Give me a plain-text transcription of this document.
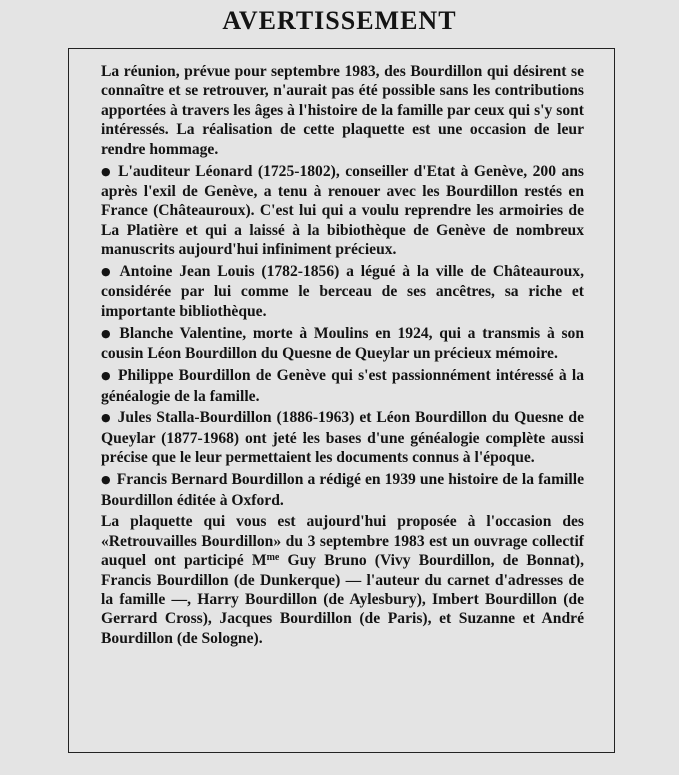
AVERTISSEMENT

La réunion, prévue pour septembre 1983, des Bourdillon qui désirent se connaître et se retrouver, n'aurait pas été possible sans les contributions apportées à travers les âges à l'histoire de la famille par ceux qui s'y sont intéressés. La réalisation de cette plaquette est une occasion de leur rendre hommage.

● L'auditeur Léonard (1725-1802), conseiller d'Etat à Genève, 200 ans après l'exil de Genève, a tenu à renouer avec les Bourdillon restés en France (Châteauroux). C'est lui qui a voulu reprendre les armoiries de La Platière et qui a laissé à la bibiothèque de Genève de nombreux manuscrits aujourd'hui infiniment précieux.

● Antoine Jean Louis (1782-1856) a légué à la ville de Châteauroux, considérée par lui comme le berceau de ses ancêtres, sa riche et importante bibliothèque.

● Blanche Valentine, morte à Moulins en 1924, qui a transmis à son cousin Léon Bourdillon du Quesne de Queylar un précieux mémoire.

● Philippe Bourdillon de Genève qui s'est passionnément intéressé à la généalogie de la famille.

● Jules Stalla-Bourdillon (1886-1963) et Léon Bourdillon du Quesne de Queylar (1877-1968) ont jeté les bases d'une généalogie complète aussi précise que le leur permettaient les documents connus à l'époque.

● Francis Bernard Bourdillon a rédigé en 1939 une histoire de la famille Bourdillon éditée à Oxford.

La plaquette qui vous est aujourd'hui proposée à l'occasion des «Retrouvailles Bourdillon» du 3 septembre 1983 est un ouvrage collectif auquel ont participé $M^{me}$ Guy Bruno (Vivy Bourdillon, de Bonnat), Francis Bourdillon (de Dunkerque) — l'auteur du carnet d'adresses de la famille —, Harry Bourdillon (de Aylesbury), Imbert Bourdillon (de Gerrard Cross), Jacques Bourdillon (de Paris), et Suzanne et André Bourdillon (de Sologne).
